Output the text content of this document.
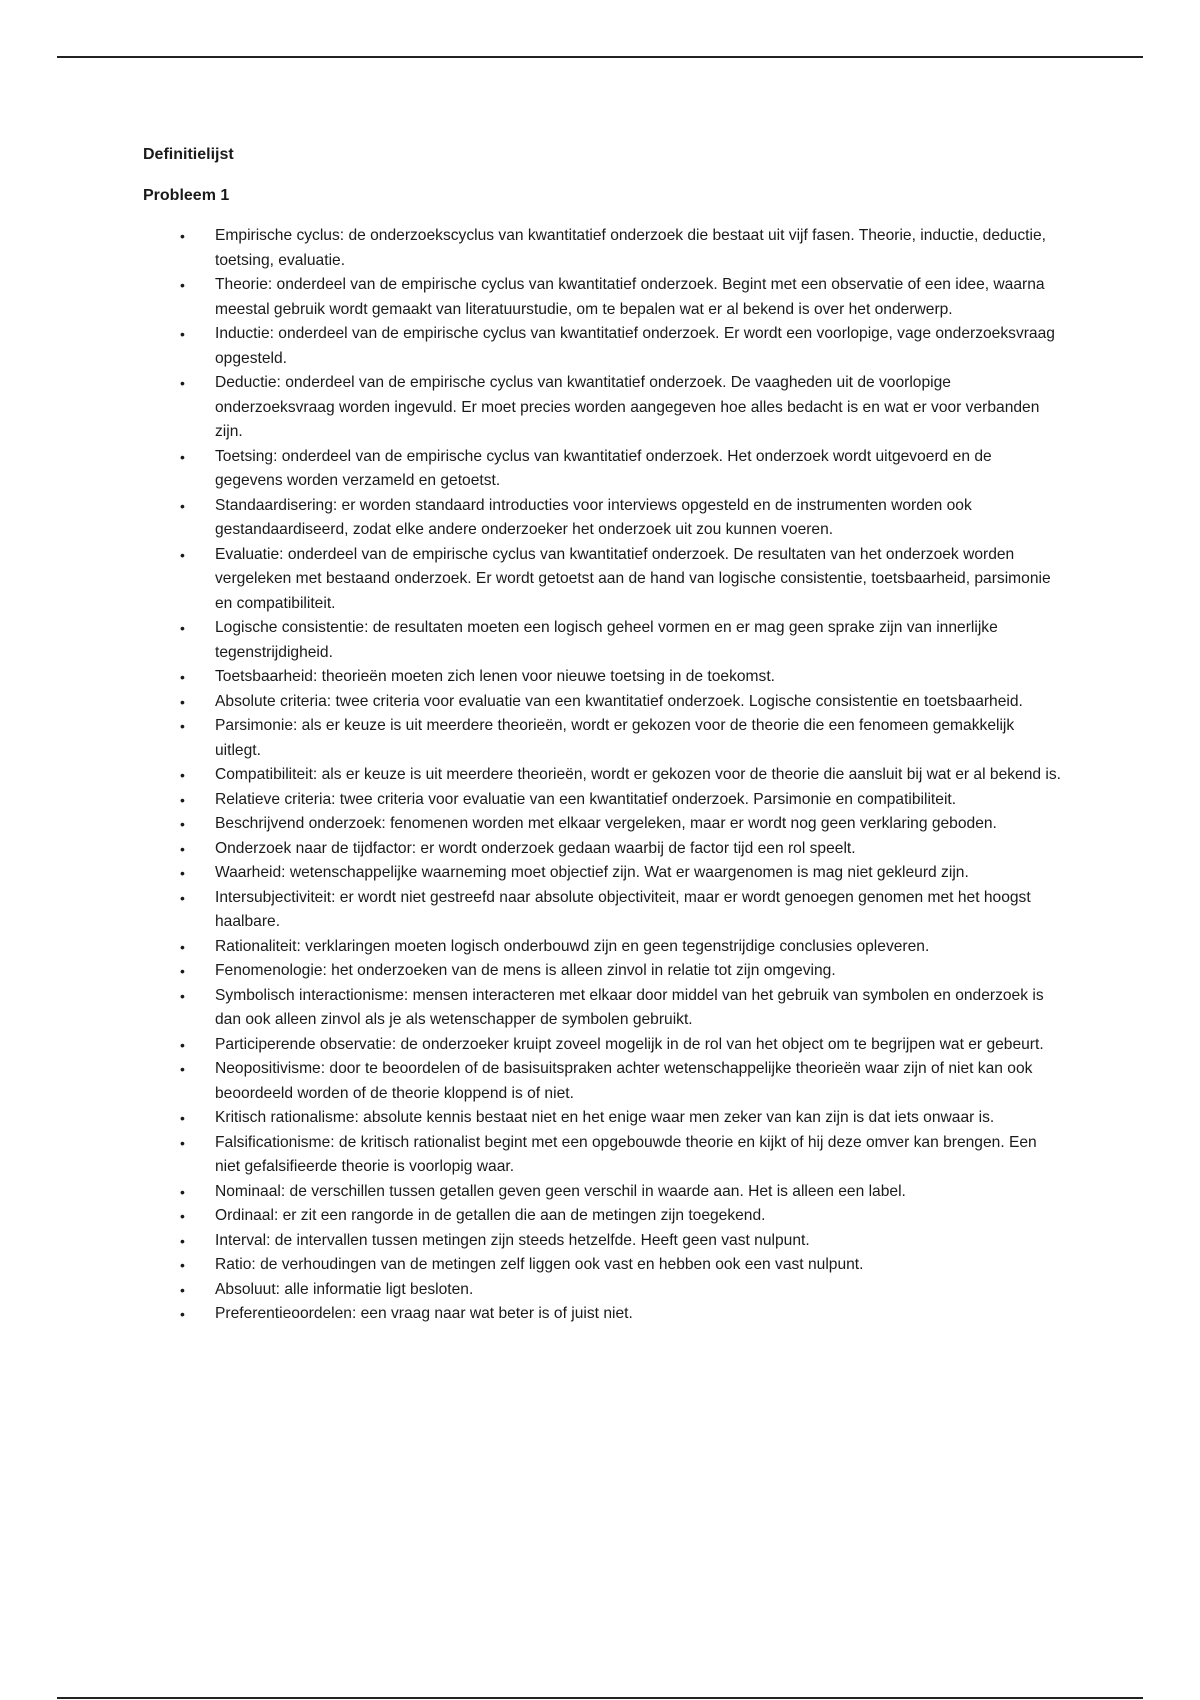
Definitielijst

Probleem 1

• Empirische cyclus: de onderzoekscyclus van kwantitatief onderzoek die bestaat uit vijf fasen. Theorie, inductie, deductie, toetsing, evaluatie.
• Theorie: onderdeel van de empirische cyclus van kwantitatief onderzoek. Begint met een observatie of een idee, waarna meestal gebruik wordt gemaakt van literatuurstudie, om te bepalen wat er al bekend is over het onderwerp.
• Inductie: onderdeel van de empirische cyclus van kwantitatief onderzoek. Er wordt een voorlopige, vage onderzoeksvraag opgesteld.
• Deductie: onderdeel van de empirische cyclus van kwantitatief onderzoek. De vaagheden uit de voorlopige onderzoeksvraag worden ingevuld. Er moet precies worden aangegeven hoe alles bedacht is en wat er voor verbanden zijn.
• Toetsing: onderdeel van de empirische cyclus van kwantitatief onderzoek. Het onderzoek wordt uitgevoerd en de gegevens worden verzameld en getoetst.
• Standaardisering: er worden standaard introducties voor interviews opgesteld en de instrumenten worden ook gestandaardiseerd, zodat elke andere onderzoeker het onderzoek uit zou kunnen voeren.
• Evaluatie: onderdeel van de empirische cyclus van kwantitatief onderzoek. De resultaten van het onderzoek worden vergeleken met bestaand onderzoek. Er wordt getoetst aan de hand van logische consistentie, toetsbaarheid, parsimonie en compatibiliteit.
• Logische consistentie: de resultaten moeten een logisch geheel vormen en er mag geen sprake zijn van innerlijke tegenstrijdigheid.
• Toetsbaarheid: theorieën moeten zich lenen voor nieuwe toetsing in de toekomst.
• Absolute criteria: twee criteria voor evaluatie van een kwantitatief onderzoek. Logische consistentie en toetsbaarheid.
• Parsimonie: als er keuze is uit meerdere theorieën, wordt er gekozen voor de theorie die een fenomeen gemakkelijk uitlegt.
• Compatibiliteit: als er keuze is uit meerdere theorieën, wordt er gekozen voor de theorie die aansluit bij wat er al bekend is.
• Relatieve criteria: twee criteria voor evaluatie van een kwantitatief onderzoek. Parsimonie en compatibiliteit.
• Beschrijvend onderzoek: fenomenen worden met elkaar vergeleken, maar er wordt nog geen verklaring geboden.
• Onderzoek naar de tijdfactor: er wordt onderzoek gedaan waarbij de factor tijd een rol speelt.
• Waarheid: wetenschappelijke waarneming moet objectief zijn. Wat er waargenomen is mag niet gekleurd zijn.
• Intersubjectiviteit: er wordt niet gestreefd naar absolute objectiviteit, maar er wordt genoegen genomen met het hoogst haalbare.
• Rationaliteit: verklaringen moeten logisch onderbouwd zijn en geen tegenstrijdige conclusies opleveren.
• Fenomenologie: het onderzoeken van de mens is alleen zinvol in relatie tot zijn omgeving.
• Symbolisch interactionisme: mensen interacteren met elkaar door middel van het gebruik van symbolen en onderzoek is dan ook alleen zinvol als je als wetenschapper de symbolen gebruikt.
• Participerende observatie: de onderzoeker kruipt zoveel mogelijk in de rol van het object om te begrijpen wat er gebeurt.
• Neopositivisme: door te beoordelen of de basisuitspraken achter wetenschappelijke theorieën waar zijn of niet kan ook beoordeeld worden of de theorie kloppend is of niet.
• Kritisch rationalisme: absolute kennis bestaat niet en het enige waar men zeker van kan zijn is dat iets onwaar is.
• Falsificationisme: de kritisch rationalist begint met een opgebouwde theorie en kijkt of hij deze omver kan brengen. Een niet gefalsifieerde theorie is voorlopig waar.
• Nominaal: de verschillen tussen getallen geven geen verschil in waarde aan. Het is alleen een label.
• Ordinaal: er zit een rangorde in de getallen die aan de metingen zijn toegekend.
• Interval: de intervallen tussen metingen zijn steeds hetzelfde. Heeft geen vast nulpunt.
• Ratio: de verhoudingen van de metingen zelf liggen ook vast en hebben ook een vast nulpunt.
• Absoluut: alle informatie ligt besloten.
• Preferentieoordelen: een vraag naar wat beter is of juist niet.
